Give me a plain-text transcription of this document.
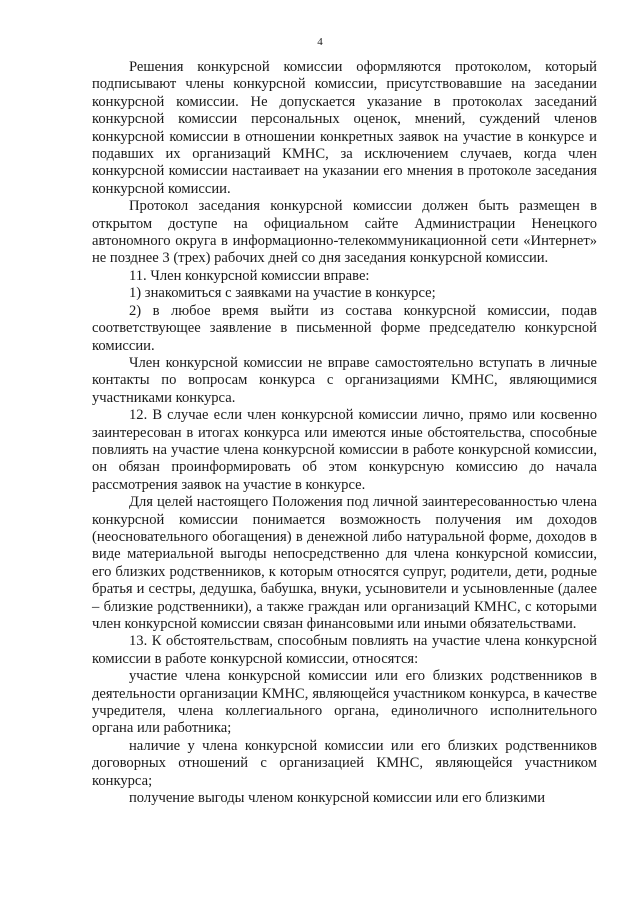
4

Решения конкурсной комиссии оформляются протоколом, который подписывают члены конкурсной комиссии, присутствовавшие на заседании конкурсной комиссии. Не допускается указание в протоколах заседаний конкурсной комиссии персональных оценок, мнений, суждений членов конкурсной комиссии в отношении конкретных заявок на участие в конкурсе и подавших их организаций КМНС, за исключением случаев, когда член конкурсной комиссии настаивает на указании его мнения в протоколе заседания конкурсной комиссии.

Протокол заседания конкурсной комиссии должен быть размещен в открытом доступе на официальном сайте Администрации Ненецкого автономного округа в информационно-телекоммуникационной сети «Интернет» не позднее 3 (трех) рабочих дней со дня заседания конкурсной комиссии.

11. Член конкурсной комиссии вправе:

1) знакомиться с заявками на участие в конкурсе;

2) в любое время выйти из состава конкурсной комиссии, подав соответствующее заявление в письменной форме председателю конкурсной комиссии.

Член конкурсной комиссии не вправе самостоятельно вступать в личные контакты по вопросам конкурса с организациями КМНС, являющимися участниками конкурса.

12. В случае если член конкурсной комиссии лично, прямо или косвенно заинтересован в итогах конкурса или имеются иные обстоятельства, способные повлиять на участие члена конкурсной комиссии в работе конкурсной комиссии, он обязан проинформировать об этом конкурсную комиссию до начала рассмотрения заявок на участие в конкурсе.

Для целей настоящего Положения под личной заинтересованностью члена конкурсной комиссии понимается возможность получения им доходов (неосновательного обогащения) в денежной либо натуральной форме, доходов в виде материальной выгоды непосредственно для члена конкурсной комиссии, его близких родственников, к которым относятся супруг, родители, дети, родные братья и сестры, дедушка, бабушка, внуки, усыновители и усыновленные (далее – близкие родственники), а также граждан или организаций КМНС, с которыми член конкурсной комиссии связан финансовыми или иными обязательствами.

13. К обстоятельствам, способным повлиять на участие члена конкурсной комиссии в работе конкурсной комиссии, относятся:

участие члена конкурсной комиссии или его близких родственников в деятельности организации КМНС, являющейся участником конкурса, в качестве учредителя, члена коллегиального органа, единоличного исполнительного органа или работника;

наличие у члена конкурсной комиссии или его близких родственников договорных отношений с организацией КМНС, являющейся участником конкурса;

получение выгоды членом конкурсной комиссии или его близкими
